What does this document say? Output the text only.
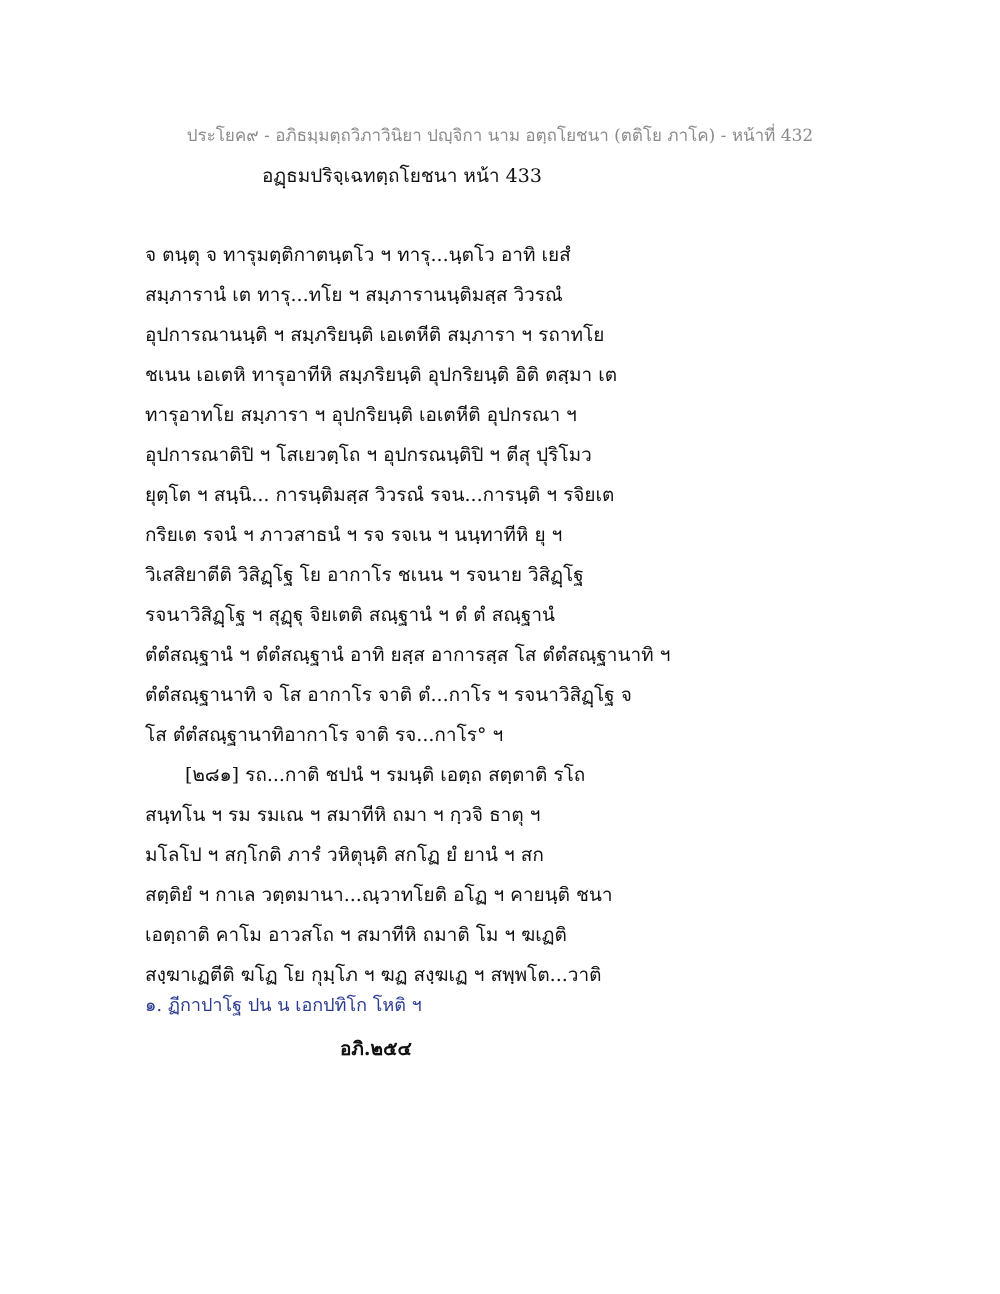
ประโยค๙ - อภิธมฺมตฺถวิภาวินิยา ปญฺจิกา นาม อตฺถโยชนา (ตติโย ภาโค) - หน้าที่ 432
อฏฺธมปริจฺเฉทตฺถโยชนา หน้า 433
จ ตนฺตุ จ ทารุมตฺติกาตนฺตโว ฯ ทารุ...นฺตโว อาทิ เยสํ
สมฺภารานํ เต ทารุ...ทโย ฯ สมฺภารานนฺติมสฺส วิวรณํ
อุปการณานนฺติ ฯ สมฺภริยนฺติ เอเตหีติ สมฺภารา ฯ รถาทโย
ชเนน เอเตหิ ทารุอาทีหิ สมฺภริยนฺติ อุปกริยนฺติ อิติ ตสฺมา เต
ทารุอาทโย สมฺภารา ฯ อุปกริยนฺติ เอเตหีติ อุปกรณา ฯ
อุปการณาติปิ ฯ โสเยวตฺโถ ฯ อุปกรณนฺติปิ ฯ ตีสุ ปุริโมว
ยุตฺโต ฯ สนฺนิ... การนฺติมสฺส วิวรณํ รจน...การนฺติ ฯ รจิยเต
กริยเต รจนํ ฯ ภาวสาธนํ ฯ รจ รจเน ฯ นนฺทาทีหิ ยุ ฯ
วิเสสิยาตีติ วิสิฏฺโฐ โย อากาโร ชเนน ฯ รจนาย วิสิฏฺโฐ
รจนาวิสิฏฺโฐ ฯ สุฏฺฐุ จิยเตติ สณฺฐานํ ฯ ตํ ตํ สณฺฐานํ
ตํตํสณฺฐานํ ฯ ตํตํสณฺฐานํ อาทิ ยสฺส อาการสฺส โส ตํตํสณฺฐานาทิ ฯ
ตํตํสณฺฐานาทิ จ โส อากาโร จาติ ตํ...กาโร ฯ รจนาวิสิฏฺโฐ จ
โส ตํตํสณฺฐานาทิอากาโร จาติ รจ...กาโร° ฯ
[๒๘๑] รถ...กาติ ชปนํ ฯ รมนฺติ เอตฺถ สตฺตาติ รโถ
สนฺทโน ฯ รม รมเณ ฯ สมาทีหิ ถมา ฯ กฺวจิ ธาตุ ฯ
มโลโป ฯ สกฺโกติ ภารํ วหิตุนฺติ สกโฏ ยํ ยานํ ฯ สก
สตฺติยํ ฯ กาเล วตฺตมานา...ณฺวาทโยติ อโฏ ฯ คายนฺติ ชนา
เอตฺถาติ คาโม อาวสโถ ฯ สมาทีหิ ถมาติ โม ฯ ฆเฏติ
สงฺฆาเฏตีติ ฆโฏ โย กุมฺโภ ฯ ฆฏ สงฺฆเฏ ฯ สพฺพโต...วาติ
๑. ฏีกาปาโฐ ปน น เอกปทิโก โหติ ฯ
อภิ.๒๕๔
